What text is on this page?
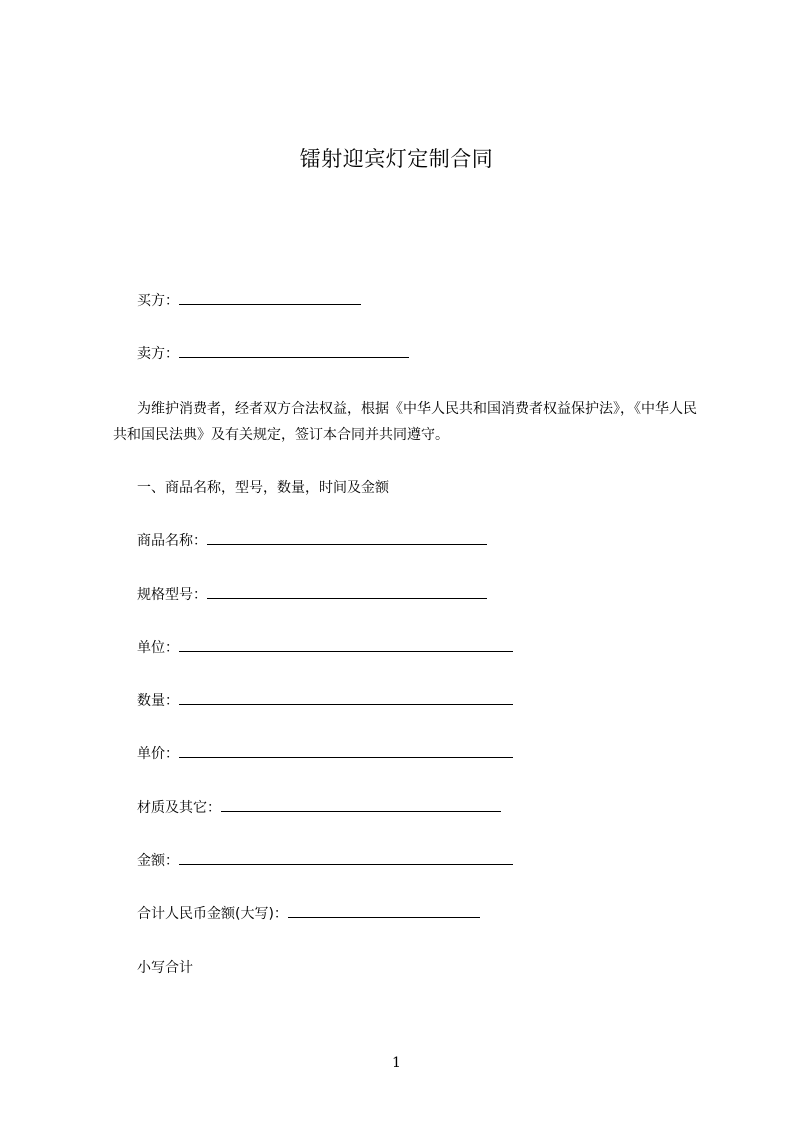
镭射迎宾灯定制合同
买方：
卖方：
为维护消费者，经者双方合法权益，根据《中华人民共和国消费者权益保护法》，《中华人民共和国民法典》及有关规定，签订本合同并共同遵守。
一、商品名称，型号，数量，时间及金额
商品名称：
规格型号：
单位：
数量：
单价：
材质及其它：
金额：
合计人民币金额(大写)：
小写合计
1
